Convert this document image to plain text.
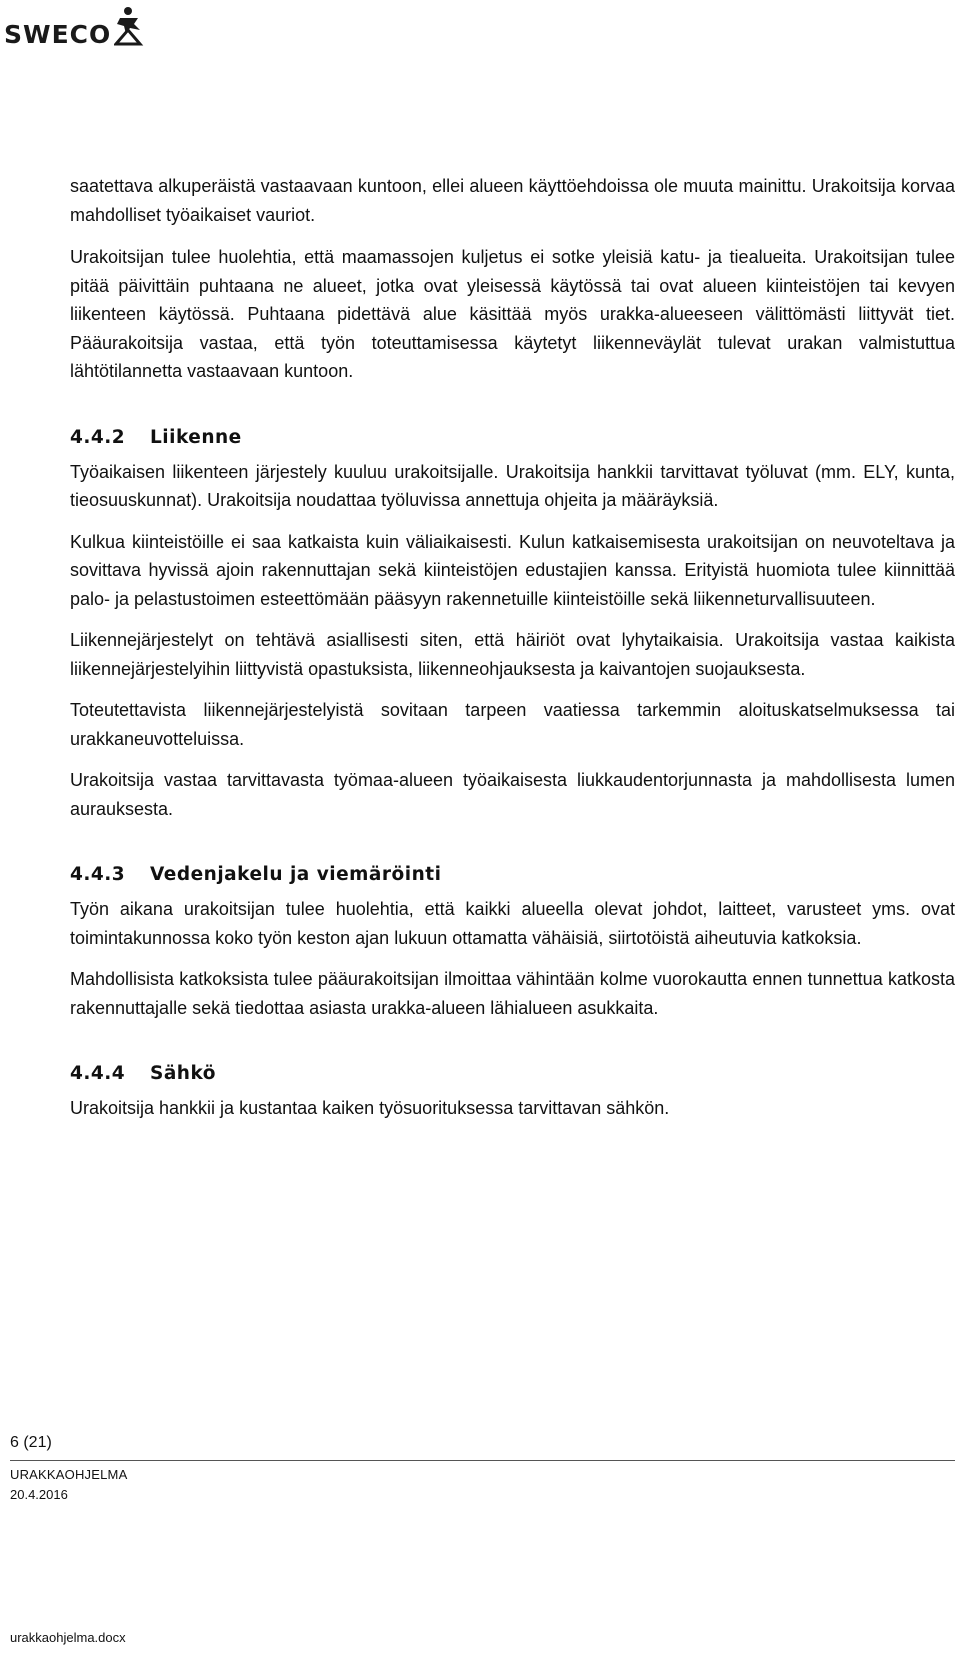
SWECO

saatettava alkuperäistä vastaavaan kuntoon, ellei alueen käyttöehdoissa ole muuta mainittu. Urakoitsija korvaa mahdolliset työaikaiset vauriot.

Urakoitsijan tulee huolehtia, että maamassojen kuljetus ei sotke yleisiä katu- ja tiealueita. Urakoitsijan tulee pitää päivittäin puhtaana ne alueet, jotka ovat yleisessä käytössä tai ovat alueen kiinteistöjen tai kevyen liikenteen käytössä. Puhtaana pidettävä alue käsittää myös urakka-alueeseen välittömästi liittyvät tiet. Pääurakoitsija vastaa, että työn toteuttamisessa käytetyt liikenneväylät tulevat urakan valmistuttua lähtötilannetta vastaavaan kuntoon.

4.4.2 Liikenne

Työaikaisen liikenteen järjestely kuuluu urakoitsijalle. Urakoitsija hankkii tarvittavat työluvat (mm. ELY, kunta, tieosuuskunnat). Urakoitsija noudattaa työluvissa annettuja ohjeita ja määräyksiä.

Kulkua kiinteistöille ei saa katkaista kuin väliaikaisesti. Kulun katkaisemisesta urakoitsijan on neuvoteltava ja sovittava hyvissä ajoin rakennuttajan sekä kiinteistöjen edustajien kanssa. Erityistä huomiota tulee kiinnittää palo- ja pelastustoimen esteettömään pääsyyn rakennetuille kiinteistöille sekä liikenneturvallisuuteen.

Liikennejärjestelyt on tehtävä asiallisesti siten, että häiriöt ovat lyhytaikaisia. Urakoitsija vastaa kaikista liikennejärjestelyihin liittyvistä opastuksista, liikenneohjauksesta ja kaivantojen suojauksesta.

Toteutettavista liikennejärjestelyistä sovitaan tarpeen vaatiessa tarkemmin aloituskatselmuksessa tai urakkaneuvotteluissa.

Urakoitsija vastaa tarvittavasta työmaa-alueen työaikaisesta liukkaudentorjunnasta ja mahdollisesta lumen aurauksesta.

4.4.3 Vedenjakelu ja viemäröinti

Työn aikana urakoitsijan tulee huolehtia, että kaikki alueella olevat johdot, laitteet, varusteet yms. ovat toimintakunnossa koko työn keston ajan lukuun ottamatta vähäisiä, siirtotöistä aiheutuvia katkoksia.

Mahdollisista katkoksista tulee pääurakoitsijan ilmoittaa vähintään kolme vuorokautta ennen tunnettua katkosta rakennuttajalle sekä tiedottaa asiasta urakka-alueen lähialueen asukkaita.

4.4.4 Sähkö

Urakoitsija hankkii ja kustantaa kaiken työsuorituksessa tarvittavan sähkön.

6 (21)
URAKKAOHJELMA
20.4.2016
urakkaohjelma.docx
